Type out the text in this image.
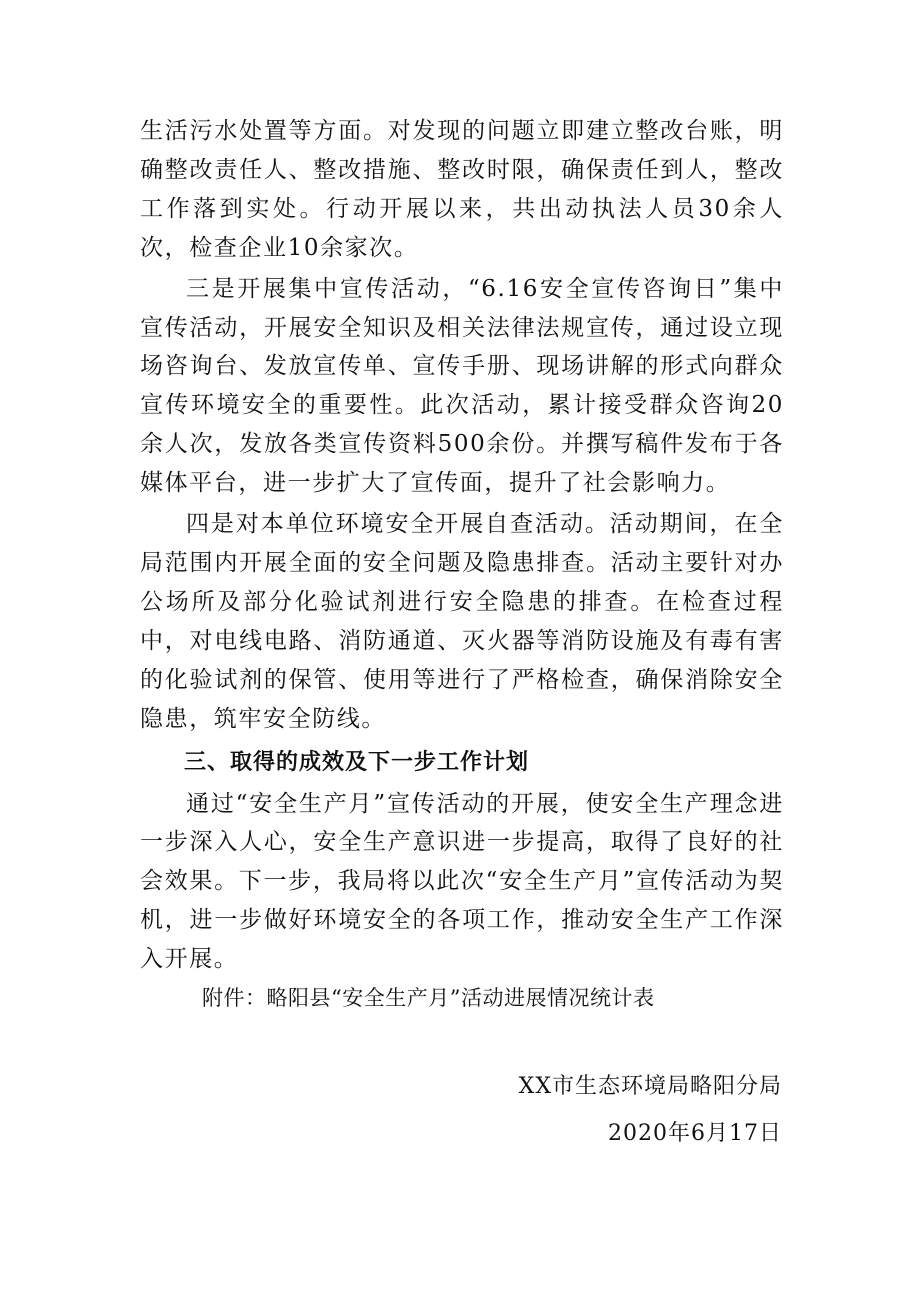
生活污水处置等方面。对发现的问题立即建立整改台账，明确整改责任人、整改措施、整改时限，确保责任到人，整改工作落到实处。行动开展以来，共出动执法人员30余人次，检查企业10余家次。

三是开展集中宣传活动，“6.16安全宣传咨询日”集中宣传活动，开展安全知识及相关法律法规宣传，通过设立现场咨询台、发放宣传单、宣传手册、现场讲解的形式向群众宣传环境安全的重要性。此次活动，累计接受群众咨询20余人次，发放各类宣传资料500余份。并撰写稿件发布于各媒体平台，进一步扩大了宣传面，提升了社会影响力。

四是对本单位环境安全开展自查活动。活动期间，在全局范围内开展全面的安全问题及隐患排查。活动主要针对办公场所及部分化验试剂进行安全隐患的排查。在检查过程中，对电线电路、消防通道、灭火器等消防设施及有毒有害的化验试剂的保管、使用等进行了严格检查，确保消除安全隐患，筑牢安全防线。

三、取得的成效及下一步工作计划

通过“安全生产月”宣传活动的开展，使安全生产理念进一步深入人心，安全生产意识进一步提高，取得了良好的社会效果。下一步，我局将以此次“安全生产月”宣传活动为契机，进一步做好环境安全的各项工作，推动安全生产工作深入开展。

附件：略阳县“安全生产月”活动进展情况统计表

XX市生态环境局略阳分局
2020年6月17日
